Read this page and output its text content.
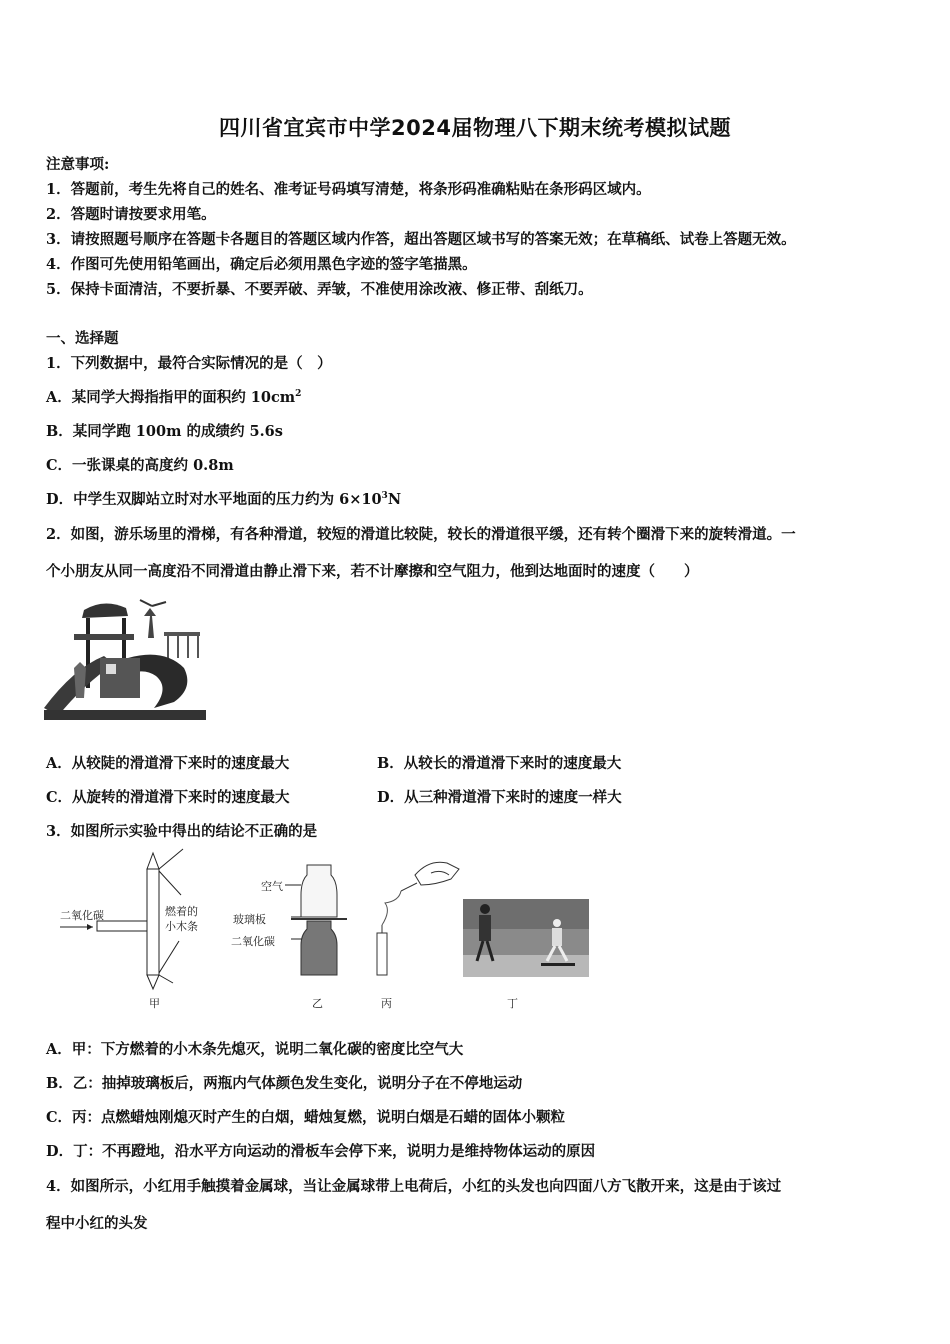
四川省宜宾市中学2024届物理八下期末统考模拟试题
注意事项:
1．答题前，考生先将自己的姓名、准考证号码填写清楚，将条形码准确粘贴在条形码区域内。
2．答题时请按要求用笔。
3．请按照题号顺序在答题卡各题目的答题区域内作答，超出答题区域书写的答案无效；在草稿纸、试卷上答题无效。
4．作图可先使用铅笔画出，确定后必须用黑色字迹的签字笔描黑。
5．保持卡面清洁，不要折暴、不要弄破、弄皱，不准使用涂改液、修正带、刮纸刀。
一、选择题
1．下列数据中，最符合实际情况的是（　）
A．某同学大拇指指甲的面积约 $10cm^2$
B．某同学跑 100m 的成绩约 5.6s
C．一张课桌的高度约 0.8m
D．中学生双脚站立时对水平地面的压力约为 $6\times 10^3N$
2．如图，游乐场里的滑梯，有各种滑道，较短的滑道比较陡，较长的滑道很平缓，还有转个圈滑下来的旋转滑道。一
个小朋友从同一高度沿不同滑道由静止滑下来，若不计摩擦和空气阻力，他到达地面时的速度（　　）
A．从较陡的滑道滑下来时的速度最大	B．从较长的滑道滑下来时的速度最大
C．从旋转的滑道滑下来时的速度最大	D．从三种滑道滑下来时的速度一样大
3．如图所示实验中得出的结论不正确的是
二氧化碳	燃着的
小木条
空气
玻璃板
二氧化碳
甲	乙	丙	丁
A．甲：下方燃着的小木条先熄灭，说明二氧化碳的密度比空气大
B．乙：抽掉玻璃板后，两瓶内气体颜色发生变化，说明分子在不停地运动
C．丙：点燃蜡烛刚熄灭时产生的白烟，蜡烛复燃，说明白烟是石蜡的固体小颗粒
D．丁：不再蹬地，沿水平方向运动的滑板车会停下来，说明力是维持物体运动的原因
4．如图所示，小红用手触摸着金属球，当让金属球带上电荷后，小红的头发也向四面八方飞散开来，这是由于该过
程中小红的头发
